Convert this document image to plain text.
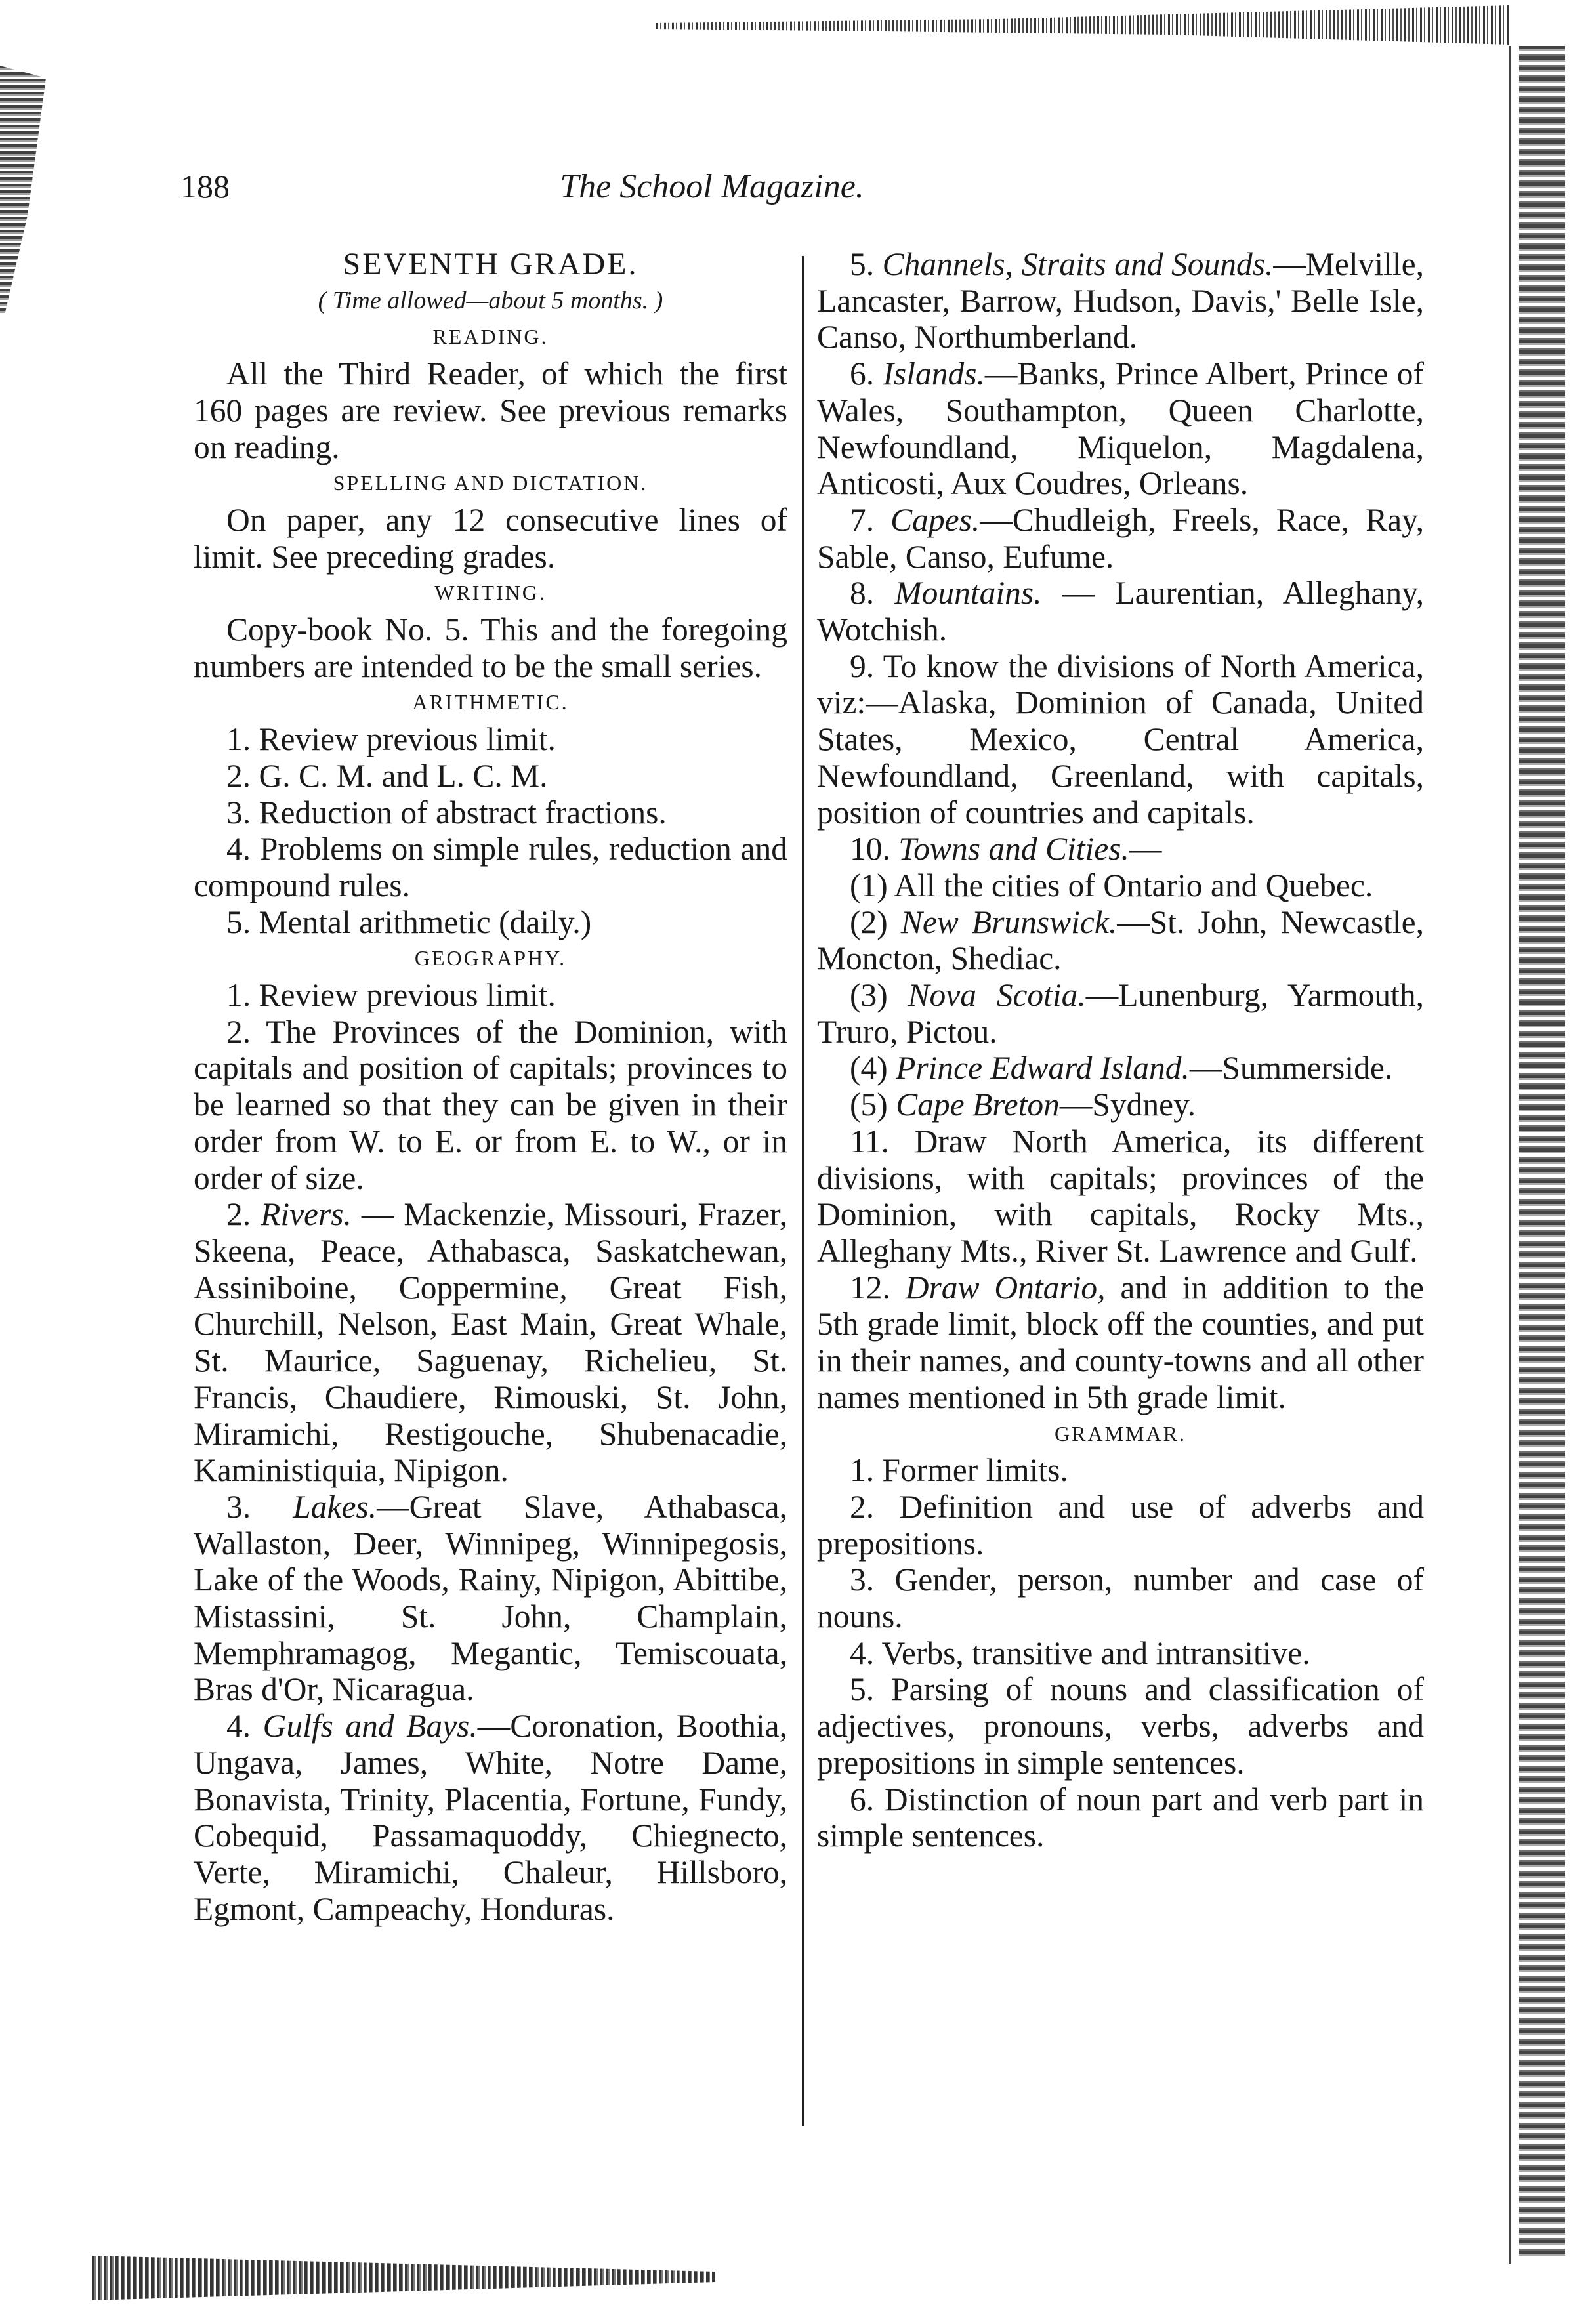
188	The School Magazine.

SEVENTH GRADE.

( Time allowed—about 5 months. )

READING.

All the Third Reader, of which the first 160 pages are review. See previous remarks on reading.

SPELLING AND DICTATION.

On paper, any 12 consecutive lines of limit. See preceding grades.

WRITING.

Copy-book No. 5. This and the foregoing numbers are intended to be the small series.

ARITHMETIC.

1. Review previous limit.

2. G. C. M. and L. C. M.

3. Reduction of abstract fractions.

4. Problems on simple rules, reduction and compound rules.

5. Mental arithmetic (daily.)

GEOGRAPHY.

1. Review previous limit.

2. The Provinces of the Dominion, with capitals and position of capitals; provinces to be learned so that they can be given in their order from W. to E. or from E. to W., or in order of size.

2. Rivers. — Mackenzie, Missouri, Frazer, Skeena, Peace, Athabasca, Saskatchewan, Assiniboine, Coppermine, Great Fish, Churchill, Nelson, East Main, Great Whale, St. Maurice, Saguenay, Richelieu, St. Francis, Chaudiere, Rimouski, St. John, Miramichi, Restigouche, Shubenacadie, Kaministiquia, Nipigon.

3. Lakes.—Great Slave, Athabasca, Wallaston, Deer, Winnipeg, Winnipegosis, Lake of the Woods, Rainy, Nipigon, Abittibe, Mistassini, St. John, Champlain, Memphramagog, Megantic, Temiscouata, Bras d'Or, Nicaragua.

4. Gulfs and Bays.—Coronation, Boothia, Ungava, James, White, Notre Dame, Bonavista, Trinity, Placentia, Fortune, Fundy, Cobequid, Passamaquoddy, Chiegnecto, Verte, Miramichi, Chaleur, Hillsboro, Egmont, Campeachy, Honduras.

5. Channels, Straits and Sounds.—Melville, Lancaster, Barrow, Hudson, Davis,' Belle Isle, Canso, Northumberland.

6. Islands.—Banks, Prince Albert, Prince of Wales, Southampton, Queen Charlotte, Newfoundland, Miquelon, Magdalena, Anticosti, Aux Coudres, Orleans.

7. Capes.—Chudleigh, Freels, Race, Ray, Sable, Canso, Eufume.

8. Mountains. — Laurentian, Alleghany, Wotchish.

9. To know the divisions of North America, viz:—Alaska, Dominion of Canada, United States, Mexico, Central America, Newfoundland, Greenland, with capitals, position of countries and capitals.

10. Towns and Cities.—

(1) All the cities of Ontario and Quebec.

(2) New Brunswick.—St. John, Newcastle, Moncton, Shediac.

(3) Nova Scotia.—Lunenburg, Yarmouth, Truro, Pictou.

(4) Prince Edward Island.—Summerside.

(5) Cape Breton—Sydney.

11. Draw North America, its different divisions, with capitals; provinces of the Dominion, with capitals, Rocky Mts., Alleghany Mts., River St. Lawrence and Gulf.

12. Draw Ontario, and in addition to the 5th grade limit, block off the counties, and put in their names, and county-towns and all other names mentioned in 5th grade limit.

GRAMMAR.

1. Former limits.

2. Definition and use of adverbs and prepositions.

3. Gender, person, number and case of nouns.

4. Verbs, transitive and intransitive.

5. Parsing of nouns and classification of adjectives, pronouns, verbs, adverbs and prepositions in simple sentences.

6. Distinction of noun part and verb part in simple sentences.
